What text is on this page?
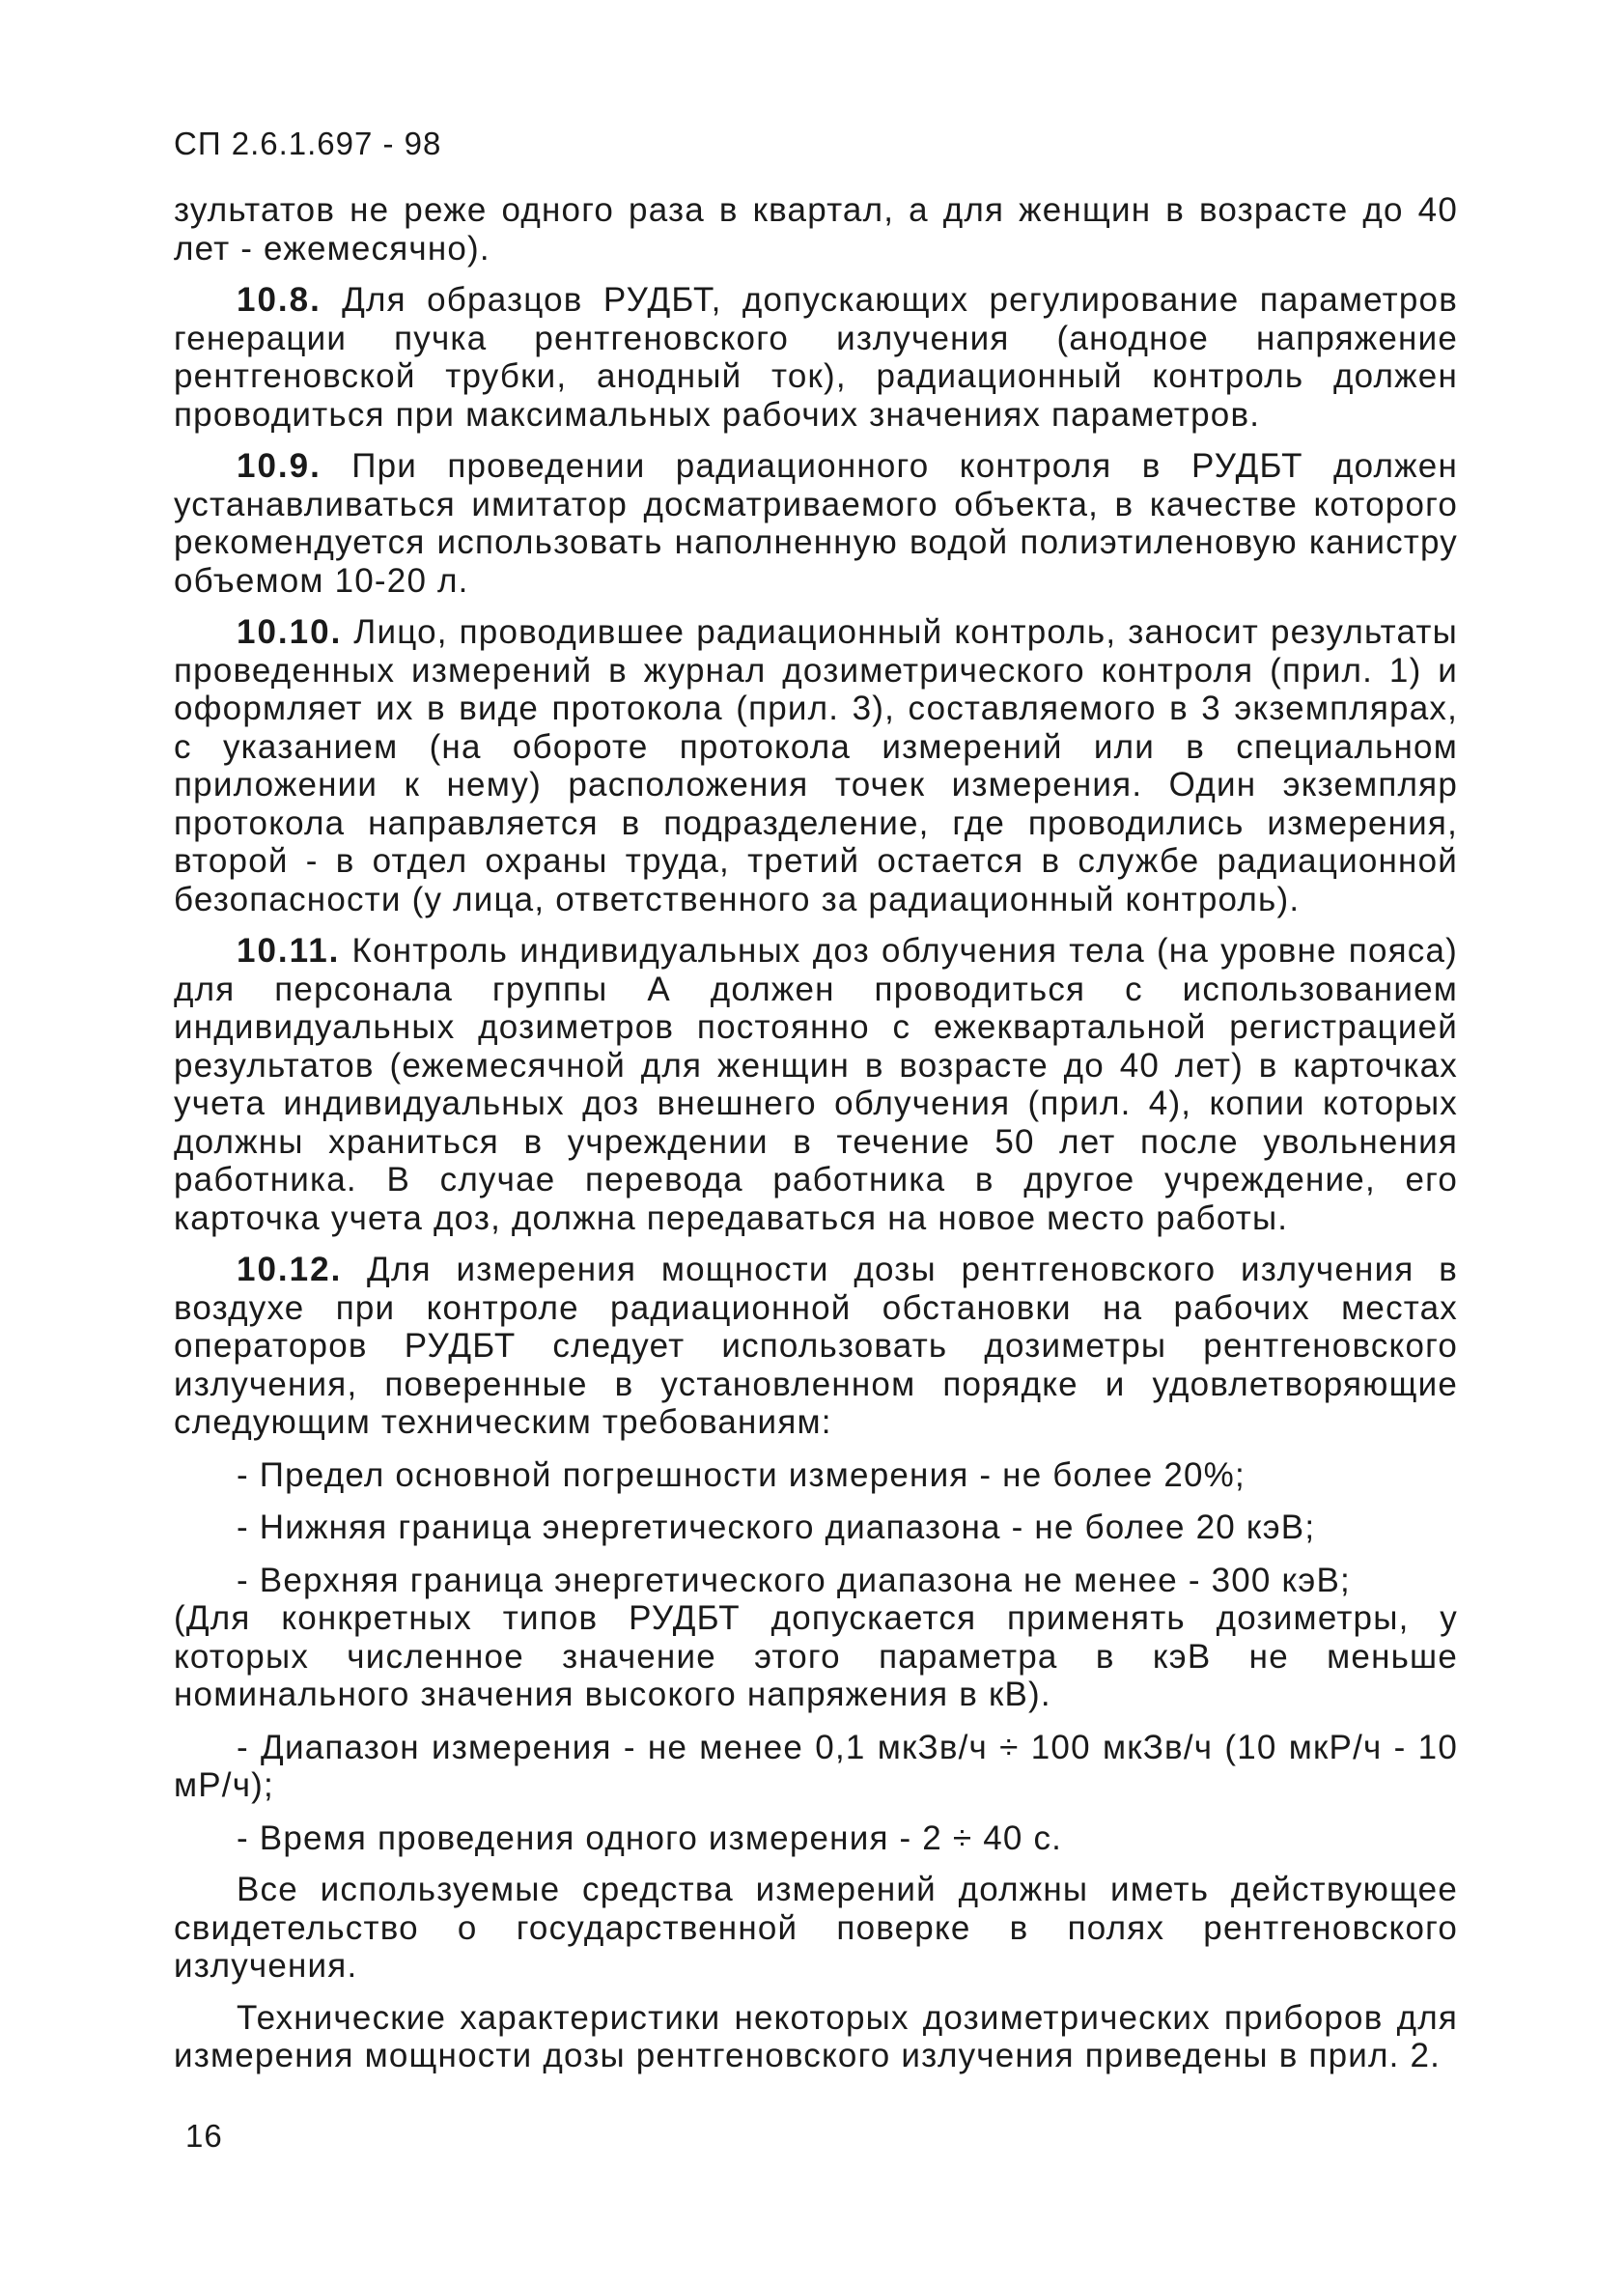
СП 2.6.1.697 - 98

зультатов не реже одного раза в квартал, а для женщин в возрасте до 40 лет - ежемесячно).

10.8. Для образцов РУДБТ, допускающих регулирование параметров генерации пучка рентгеновского излучения (анодное напряжение рентгеновской трубки, анодный ток), радиационный контроль должен проводиться при максимальных рабочих значениях параметров.

10.9. При проведении радиационного контроля в РУДБТ должен устанавливаться имитатор досматриваемого объекта, в качестве которого рекомендуется использовать наполненную водой полиэтиленовую канистру объемом 10-20 л.

10.10. Лицо, проводившее радиационный контроль, заносит результаты проведенных измерений в журнал дозиметрического контроля (прил. 1) и оформляет их в виде протокола (прил. 3), составляемого в 3 экземплярах, с указанием (на обороте протокола измерений или в специальном приложении к нему) расположения точек измерения. Один экземпляр протокола направляется в подразделение, где проводились измерения, второй - в отдел охраны труда, третий остается в службе радиационной безопасности (у лица, ответственного за радиационный контроль).

10.11. Контроль индивидуальных доз облучения тела (на уровне пояса) для персонала группы А должен проводиться с использованием индивидуальных дозиметров постоянно с ежеквартальной регистрацией результатов (ежемесячной для женщин в возрасте до 40 лет) в карточках учета индивидуальных доз внешнего облучения (прил. 4), копии которых должны храниться в учреждении в течение 50 лет после увольнения работника. В случае перевода работника в другое учреждение, его карточка учета доз, должна передаваться на новое место работы.

10.12. Для измерения мощности дозы рентгеновского излучения в воздухе при контроле радиационной обстановки на рабочих местах операторов РУДБТ следует использовать дозиметры рентгеновского излучения, поверенные в установленном порядке и удовлетворяющие следующим техническим требованиям:

- Предел основной погрешности измерения - не более 20%;

- Нижняя граница энергетического диапазона - не более 20 кэВ;

- Верхняя граница энергетического диапазона не менее - 300 кэВ;

(Для конкретных типов РУДБТ допускается применять дозиметры, у которых численное значение этого параметра в кэВ не меньше номинального значения высокого напряжения в кВ).

- Диапазон измерения - не менее 0,1 мкЗв/ч ÷ 100 мкЗв/ч (10 мкР/ч - 10 мР/ч);

- Время проведения одного измерения - 2 ÷ 40 с.

Все используемые средства измерений должны иметь действующее свидетельство о государственной поверке в полях рентгеновского излучения.

Технические характеристики некоторых дозиметрических приборов для измерения мощности дозы рентгеновского излучения приведены в прил. 2.

16
